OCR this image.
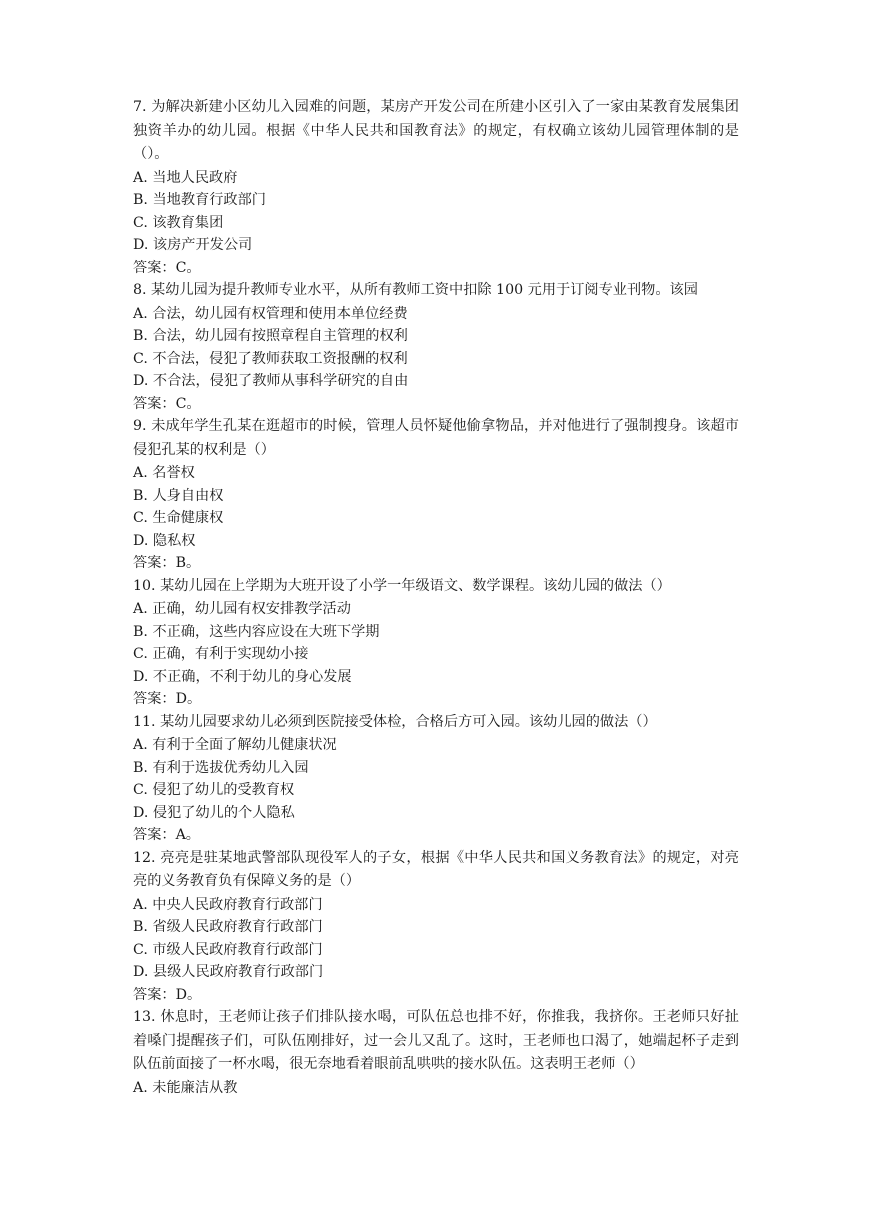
7. 为解决新建小区幼儿入园难的问题，某房产开发公司在所建小区引入了一家由某教育发展集团独资羊办的幼儿园。根据《中华人民共和国教育法》的规定，有权确立该幼儿园管理体制的是（）。

A. 当地人民政府

B. 当地教育行政部门

C. 该教育集团

D. 该房产开发公司

答案：C。

8. 某幼儿园为提升教师专业水平，从所有教师工资中扣除 100 元用于订阅专业刊物。该园

A. 合法，幼儿园有权管理和使用本单位经费

B. 合法，幼儿园有按照章程自主管理的权利

C. 不合法，侵犯了教师获取工资报酬的权利

D. 不合法，侵犯了教师从事科学研究的自由

答案：C。

9. 未成年学生孔某在逛超市的时候，管理人员怀疑他偷拿物品，并对他进行了强制搜身。该超市侵犯孔某的权利是（）

A. 名誉权

B. 人身自由权

C. 生命健康权

D. 隐私权

答案：B。

10. 某幼儿园在上学期为大班开设了小学一年级语文、数学课程。该幼儿园的做法（）

A. 正确，幼儿园有权安排教学活动

B. 不正确，这些内容应设在大班下学期

C. 正确，有利于实现幼小接

D. 不正确，不利于幼儿的身心发展

答案：D。

11. 某幼儿园要求幼儿必须到医院接受体检，合格后方可入园。该幼儿园的做法（）

A. 有利于全面了解幼儿健康状况

B. 有利于选拔优秀幼儿入园

C. 侵犯了幼儿的受教育权

D. 侵犯了幼儿的个人隐私

答案：A。

12. 亮亮是驻某地武警部队现役军人的子女，根据《中华人民共和国义务教育法》的规定，对亮亮的义务教育负有保障义务的是（）

A. 中央人民政府教育行政部门

B. 省级人民政府教育行政部门

C. 市级人民政府教育行政部门

D. 县级人民政府教育行政部门

答案：D。

13. 休息时，王老师让孩子们排队接水喝，可队伍总也排不好，你推我，我挤你。王老师只好扯着嗓门提醒孩子们，可队伍刚排好，过一会儿又乱了。这时，王老师也口渴了，她端起杯子走到队伍前面接了一杯水喝，很无奈地看着眼前乱哄哄的接水队伍。这表明王老师（）

A. 未能廉洁从教
